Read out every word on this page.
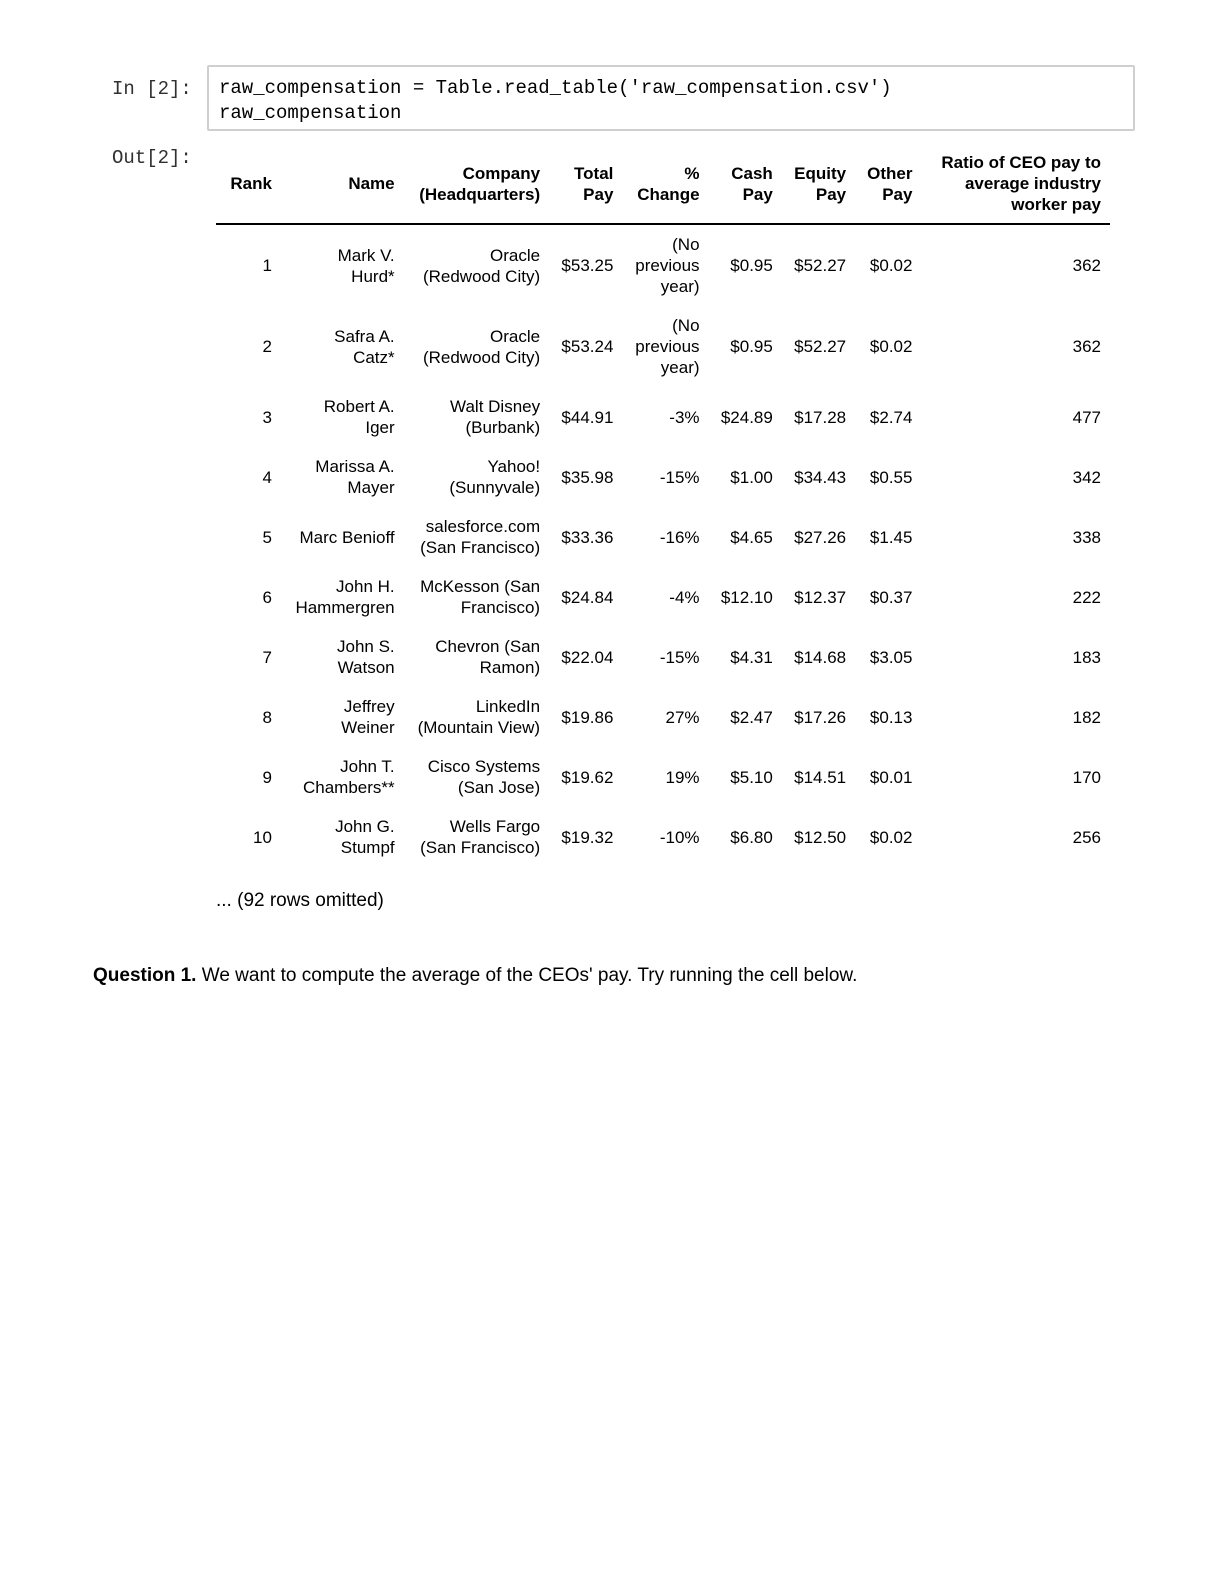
In [2]: raw_compensation = Table.read_table('raw_compensation.csv')
raw_compensation
Out[2]:
Rank	Name	Company (Headquarters)	Total Pay	% Change	Cash Pay	Equity Pay	Other Pay	Ratio of CEO pay to average industry worker pay
1	Mark V. Hurd*	Oracle (Redwood City)	$53.25	(No previous year)	$0.95	$52.27	$0.02	362
2	Safra A. Catz*	Oracle (Redwood City)	$53.24	(No previous year)	$0.95	$52.27	$0.02	362
3	Robert A. Iger	Walt Disney (Burbank)	$44.91	-3%	$24.89	$17.28	$2.74	477
4	Marissa A. Mayer	Yahoo! (Sunnyvale)	$35.98	-15%	$1.00	$34.43	$0.55	342
5	Marc Benioff	salesforce.com (San Francisco)	$33.36	-16%	$4.65	$27.26	$1.45	338
6	John H. Hammergren	McKesson (San Francisco)	$24.84	-4%	$12.10	$12.37	$0.37	222
7	John S. Watson	Chevron (San Ramon)	$22.04	-15%	$4.31	$14.68	$3.05	183
8	Jeffrey Weiner	LinkedIn (Mountain View)	$19.86	27%	$2.47	$17.26	$0.13	182
9	John T. Chambers**	Cisco Systems (San Jose)	$19.62	19%	$5.10	$14.51	$0.01	170
10	John G. Stumpf	Wells Fargo (San Francisco)	$19.32	-10%	$6.80	$12.50	$0.02	256
... (92 rows omitted)
Question 1. We want to compute the average of the CEOs' pay. Try running the cell below.
